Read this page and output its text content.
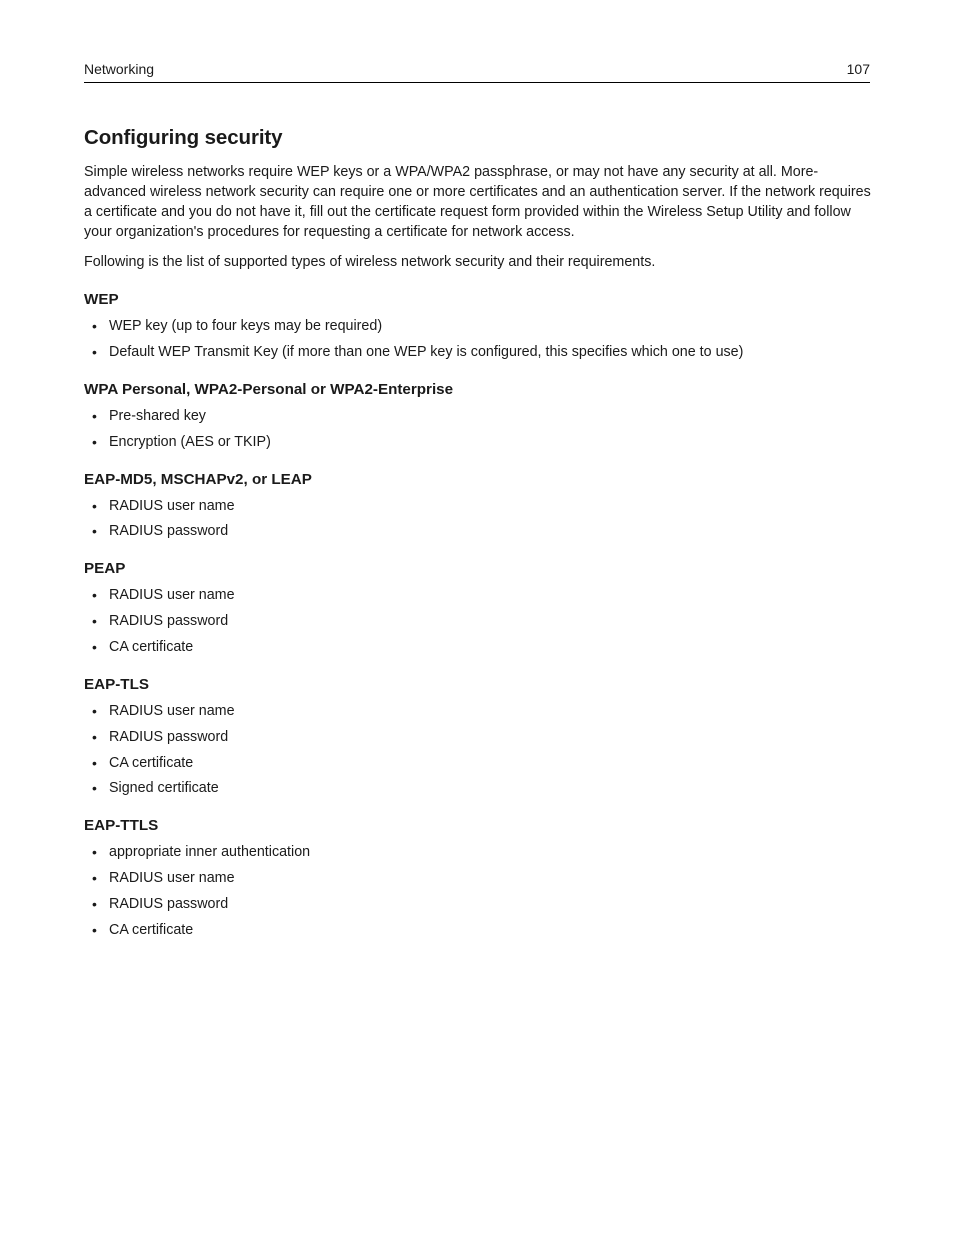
Networking	107
Configuring security

Simple wireless networks require WEP keys or a WPA/WPA2 passphrase, or may not have any security at all. More-advanced wireless network security can require one or more certificates and an authentication server. If the network requires a certificate and you do not have it, fill out the certificate request form provided within the Wireless Setup Utility and follow your organization's procedures for requesting a certificate for network access.

Following is the list of supported types of wireless network security and their requirements.

WEP
• WEP key (up to four keys may be required)
• Default WEP Transmit Key (if more than one WEP key is configured, this specifies which one to use)
WPA Personal, WPA2-Personal or WPA2-Enterprise
• Pre-shared key
• Encryption (AES or TKIP)
EAP-MD5, MSCHAPv2, or LEAP
• RADIUS user name
• RADIUS password
PEAP
• RADIUS user name
• RADIUS password
• CA certificate
EAP-TLS
• RADIUS user name
• RADIUS password
• CA certificate
• Signed certificate
EAP-TTLS
• appropriate inner authentication
• RADIUS user name
• RADIUS password
• CA certificate
